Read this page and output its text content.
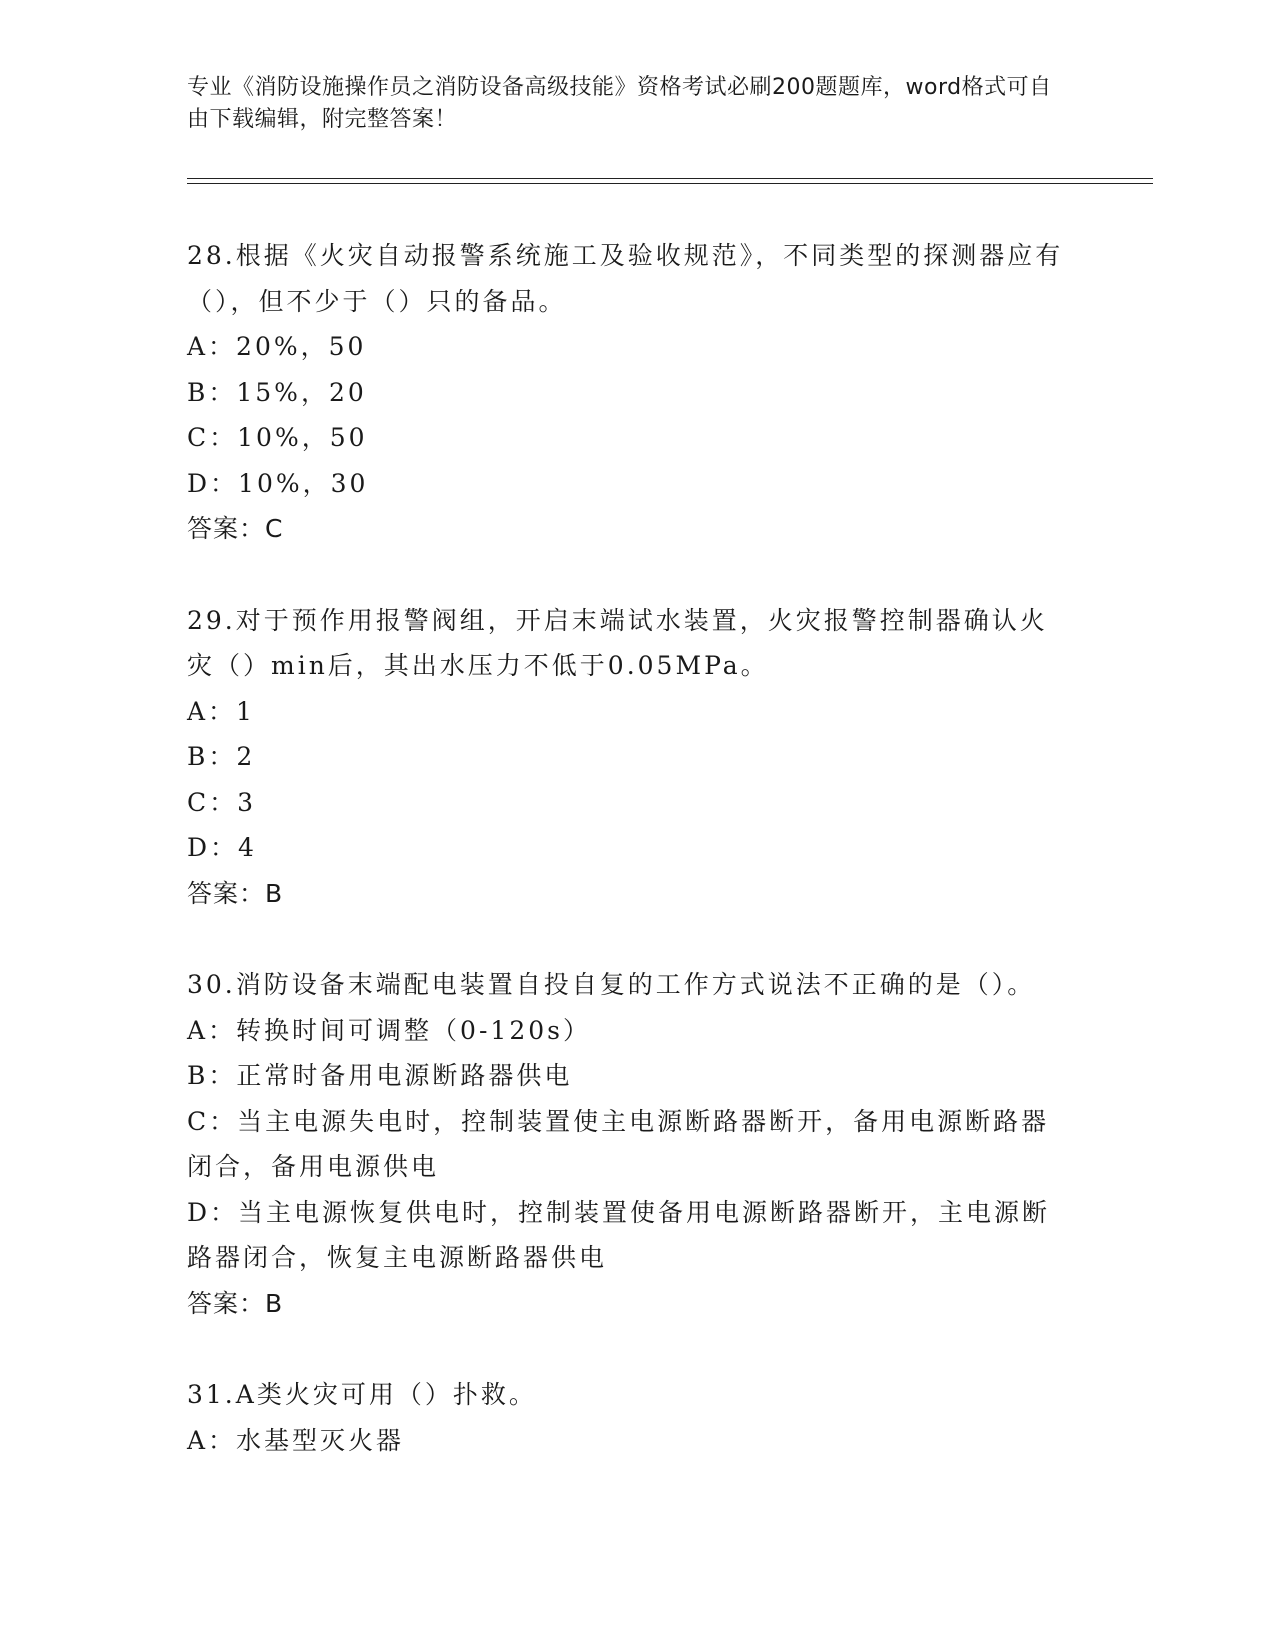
专业《消防设施操作员之消防设备高级技能》资格考试必刷200题题库，word格式可自由下载编辑，附完整答案！

28.根据《火灾自动报警系统施工及验收规范》，不同类型的探测器应有（），但不少于（）只的备品。

A：20%，50

B：15%，20

C：10%，50

D：10%，30

答案：C

29.对于预作用报警阀组，开启末端试水装置，火灾报警控制器确认火灾（）min后，其出水压力不低于0.05MPa。

A：1

B：2

C：3

D：4

答案：B

30.消防设备末端配电装置自投自复的工作方式说法不正确的是（）。

A：转换时间可调整（0-120s）

B：正常时备用电源断路器供电

C：当主电源失电时，控制装置使主电源断路器断开，备用电源断路器闭合，备用电源供电

D：当主电源恢复供电时，控制装置使备用电源断路器断开，主电源断路器闭合，恢复主电源断路器供电

答案：B

31.A类火灾可用（）扑救。

A：水基型灭火器
